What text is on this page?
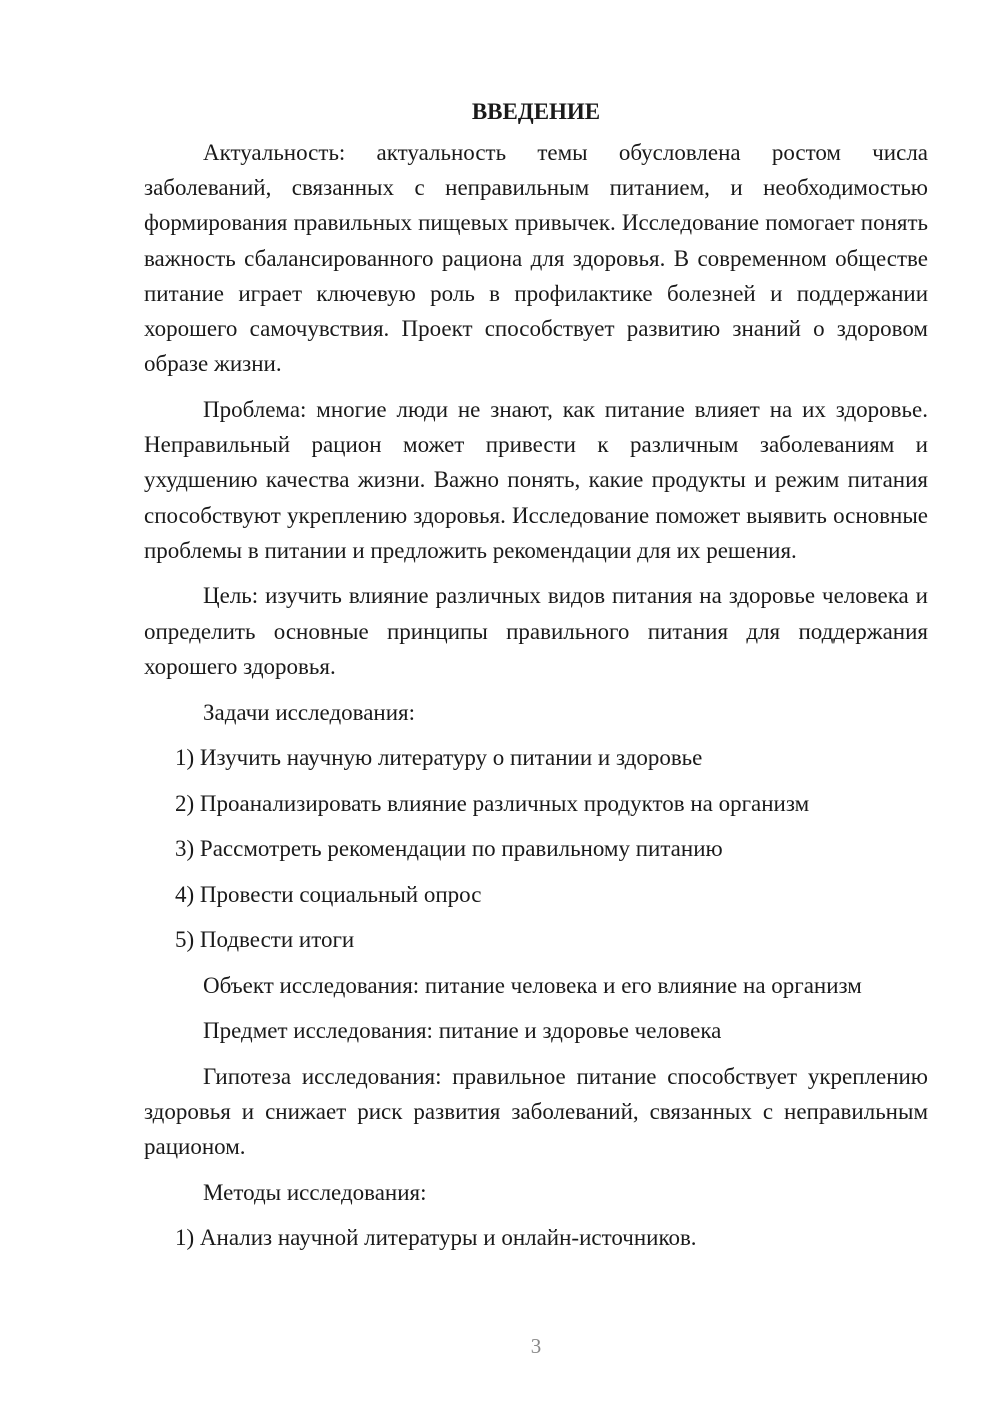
ВВЕДЕНИЕ

Актуальность: актуальность темы обусловлена ростом числа заболеваний, связанных с неправильным питанием, и необходимостью формирования правильных пищевых привычек. Исследование помогает понять важность сбалансированного рациона для здоровья. В современном обществе питание играет ключевую роль в профилактике болезней и поддержании хорошего самочувствия. Проект способствует развитию знаний о здоровом образе жизни.

Проблема: многие люди не знают, как питание влияет на их здоровье. Неправильный рацион может привести к различным заболеваниям и ухудшению качества жизни. Важно понять, какие продукты и режим питания способствуют укреплению здоровья. Исследование поможет выявить основные проблемы в питании и предложить рекомендации для их решения.

Цель: изучить влияние различных видов питания на здоровье человека и определить основные принципы правильного питания для поддержания хорошего здоровья.

Задачи исследования:
1) Изучить научную литературу о питании и здоровье
2) Проанализировать влияние различных продуктов на организм
3) Рассмотреть рекомендации по правильному питанию
4) Провести социальный опрос
5) Подвести итоги
Объект исследования: питание человека и его влияние на организм
Предмет исследования: питание и здоровье человека

Гипотеза исследования: правильное питание способствует укреплению здоровья и снижает риск развития заболеваний, связанных с неправильным рационом.

Методы исследования:
1) Анализ научной литературы и онлайн-источников.
3
